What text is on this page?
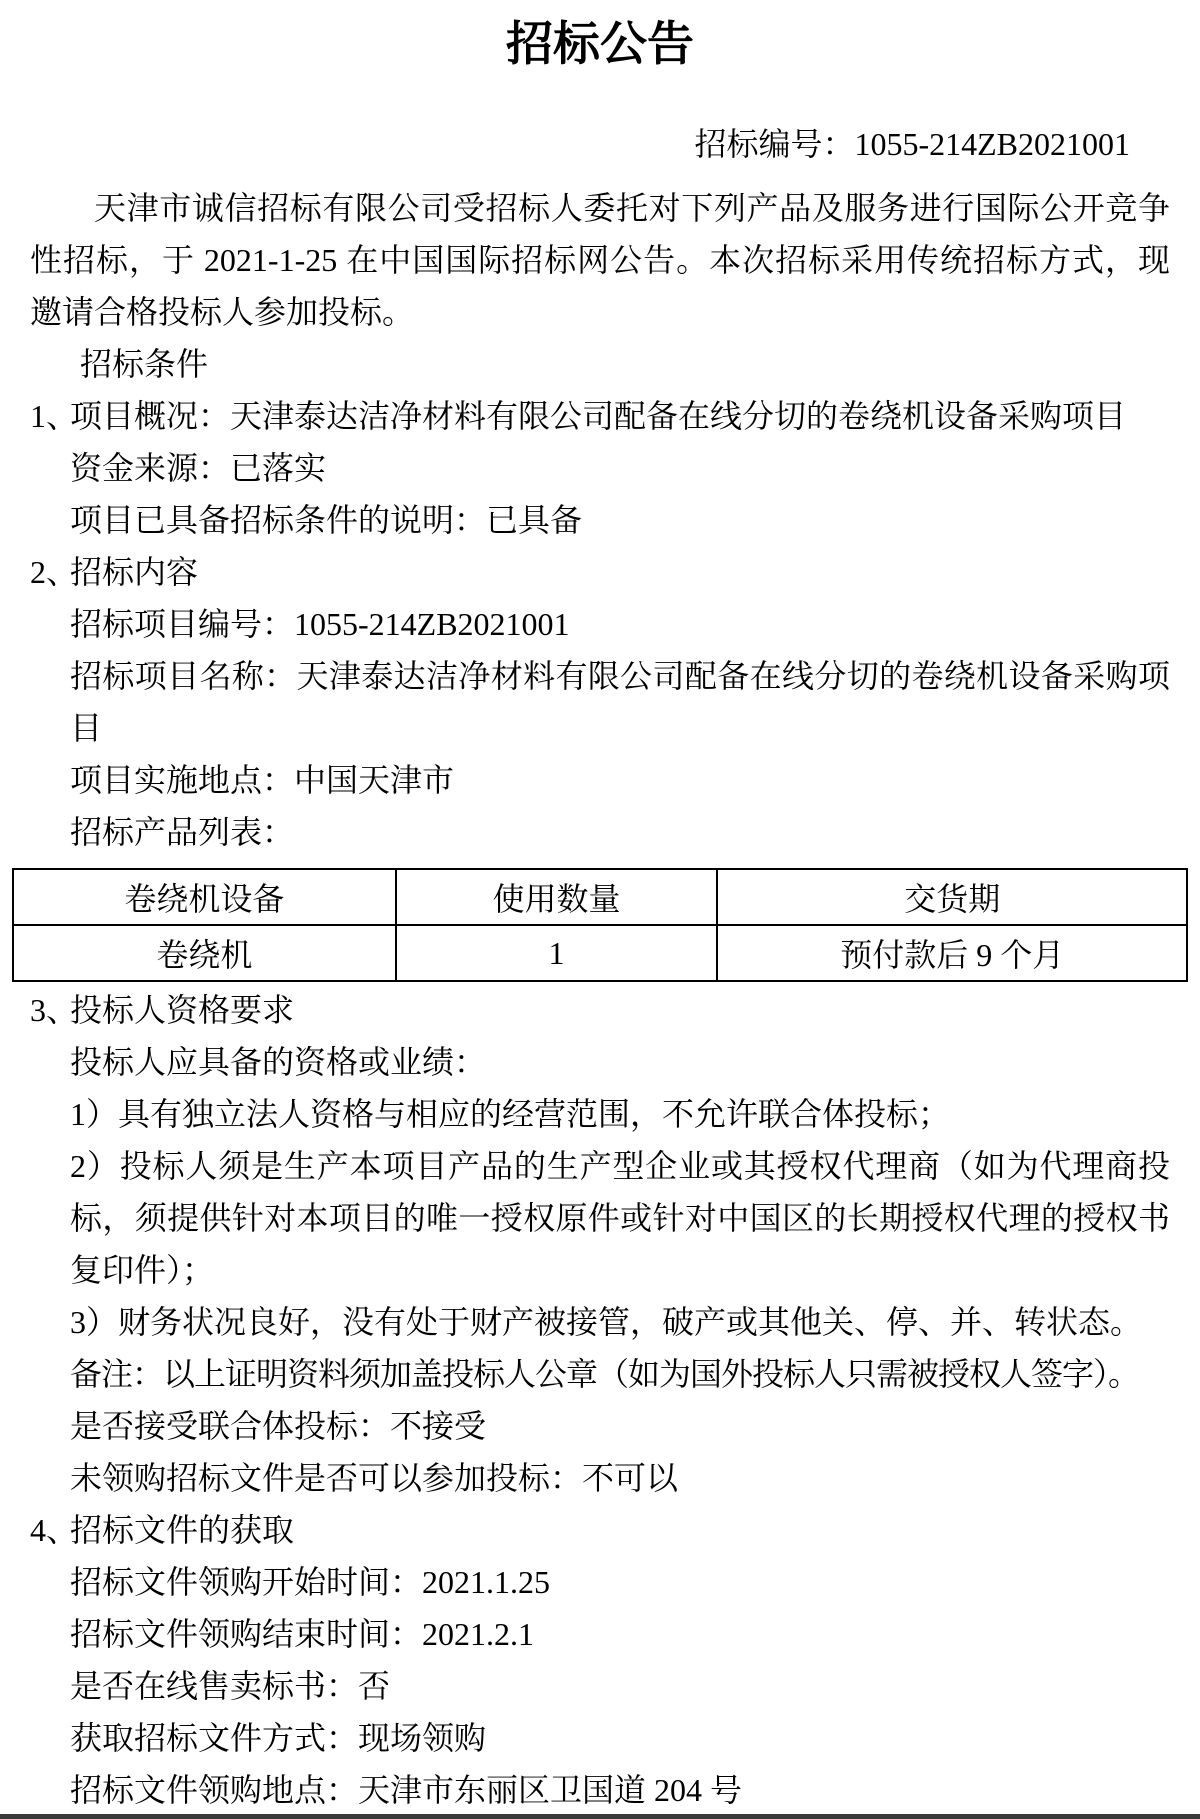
招标公告
招标编号：1055-214ZB2021001

天津市诚信招标有限公司受招标人委托对下列产品及服务进行国际公开竞争性招标，于 2021-1-25 在中国国际招标网公告。本次招标采用传统招标方式，现邀请合格投标人参加投标。

招标条件
1、
项目概况：天津泰达洁净材料有限公司配备在线分切的卷绕机设备采购项目
资金来源：已落实
项目已具备招标条件的说明：已具备
2、
招标内容
招标项目编号：1055-214ZB2021001
招标项目名称：天津泰达洁净材料有限公司配备在线分切的卷绕机设备采购项目
项目实施地点：中国天津市
招标产品列表：
卷绕机设备	使用数量	交货期
卷绕机	1	预付款后 9 个月
3、
投标人资格要求
投标人应具备的资格或业绩：
1）具有独立法人资格与相应的经营范围，不允许联合体投标；
2）投标人须是生产本项目产品的生产型企业或其授权代理商（如为代理商投标，须提供针对本项目的唯一授权原件或针对中国区的长期授权代理的授权书复印件）；
3）财务状况良好，没有处于财产被接管，破产或其他关、停、并、转状态。
备注：以上证明资料须加盖投标人公章（如为国外投标人只需被授权人签字）。
是否接受联合体投标：不接受
未领购招标文件是否可以参加投标：不可以
4、
招标文件的获取
招标文件领购开始时间：2021.1.25
招标文件领购结束时间：2021.2.1
是否在线售卖标书：否
获取招标文件方式：现场领购
招标文件领购地点：天津市东丽区卫国道 204 号
